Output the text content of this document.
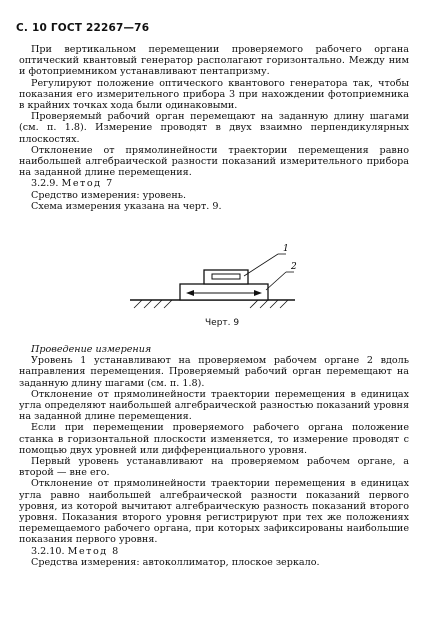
С. 10 ГОСТ 22267—76

При вертикальном перемещении проверяемого рабочего органа оптический квантовый генератор располагают горизонтально. Между ним и фотоприемником устанавливают пентапризму.

Регулируют положение оптического квантового генератора так, чтобы показания его измерительного прибора 3 при нахождении фотоприемника в крайних точках хода были одинаковыми.

Проверяемый рабочий орган перемещают на заданную длину шагами (см. п. 1.8). Измерение проводят в двух взаимно перпендикулярных плоскостях.

Отклонение от прямолинейности траектории перемещения равно наибольшей алгебраической разности показаний измерительного прибора на заданной длине перемещения.

3.2.9. Метод 7

Средство измерения: уровень.

Схема измерения указана на черт. 9.

1
2
Черт. 9

Проведение измерения

Уровень 1 устанавливают на проверяемом рабочем органе 2 вдоль направления перемещения. Проверяемый рабочий орган перемещают на заданную длину шагами (см. п. 1.8).

Отклонение от прямолинейности траектории перемещения в единицах угла определяют наибольшей алгебраической разностью показаний уровня на заданной длине перемещения.

Если при перемещении проверяемого рабочего органа положение станка в горизонтальной плоскости изменяется, то измерение проводят с помощью двух уровней или дифференциального уровня.

Первый уровень устанавливают на проверяемом рабочем органе, а второй — вне его.

Отклонение от прямолинейности траектории перемещения в единицах угла равно наибольшей алгебраической разности показаний первого уровня, из которой вычитают алгебраическую разность показаний второго уровня. Показания второго уровня регистрируют при тех же положениях перемещаемого рабочего органа, при которых зафиксированы наибольшие показания первого уровня.

3.2.10. Метод 8

Средства измерения: автоколлиматор, плоское зеркало.
